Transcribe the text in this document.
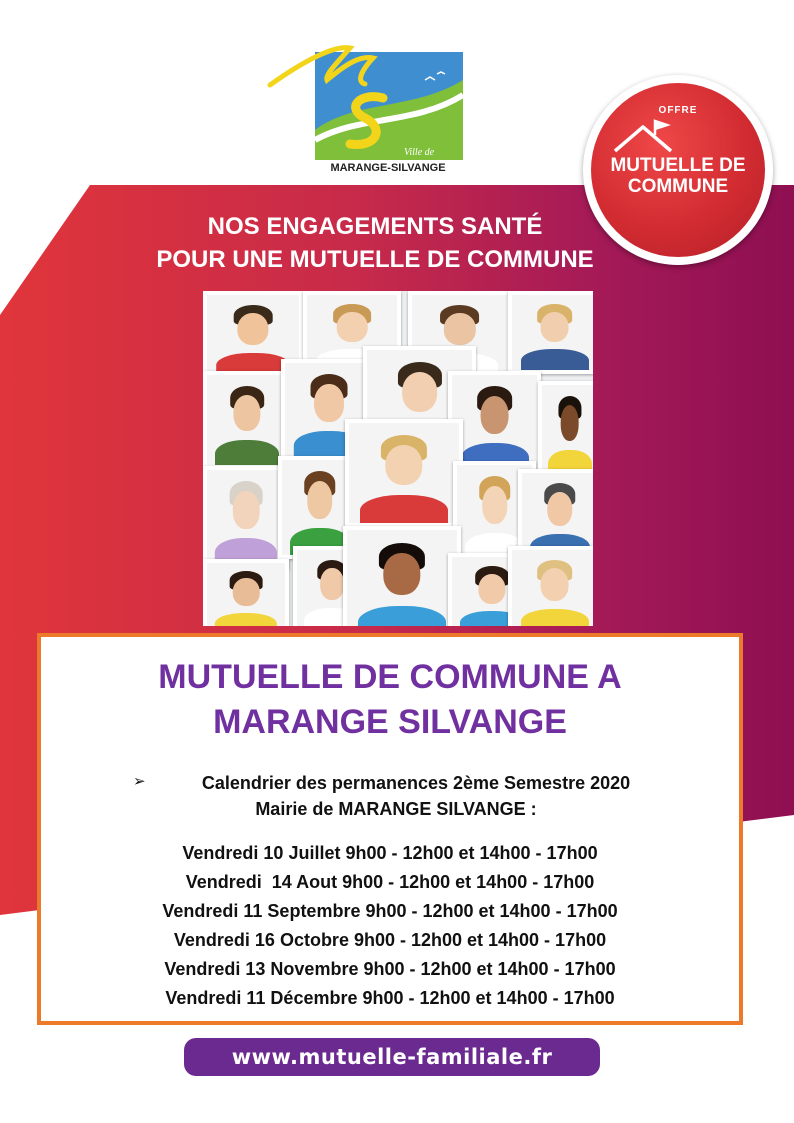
Ville de
MARANGE-SILVANGE
OFFRE
MUTUELLE DE
COMMUNE
NOS ENGAGEMENTS SANTÉ
POUR UNE MUTUELLE DE COMMUNE
MUTUELLE DE COMMUNE A
MARANGE SILVANGE
➢	Calendrier des permanences 2ème Semestre 2020
Mairie de MARANGE SILVANGE :
Vendredi 10 Juillet 9h00 - 12h00 et 14h00 - 17h00
Vendredi  14 Aout 9h00 - 12h00 et 14h00 - 17h00
Vendredi 11 Septembre 9h00 - 12h00 et 14h00 - 17h00
Vendredi 16 Octobre 9h00 - 12h00 et 14h00 - 17h00
Vendredi 13 Novembre 9h00 - 12h00 et 14h00 - 17h00
Vendredi 11 Décembre 9h00 - 12h00 et 14h00 - 17h00
www.mutuelle-familiale.fr
